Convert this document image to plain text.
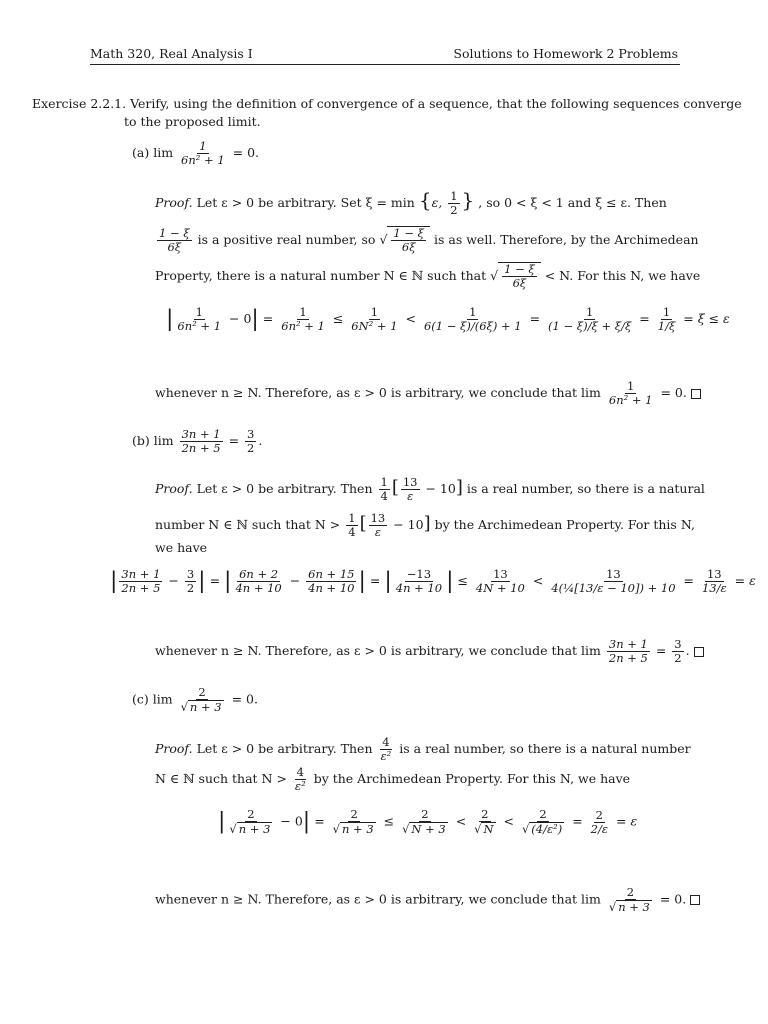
Math 320, Real Analysis I	Solutions to Homework 2 Problems
Exercise 2.2.1. Verify, using the definition of convergence of a sequence, that the following sequences converge
to the proposed limit.
(a) $\lim \frac{1}{\text{6n² + 1}} = 0$.
Proof. Let ε > 0 be arbitrary. Set ξ = min {ε, $\frac{1}{2}$ } , so 0 < ξ < 1 and ξ ≤ ε. Then
$\frac{1 - \xi}{6\xi}$ is a positive real number, so √ $\frac{1 - \xi}{6\xi}$ is as well. Therefore, by the Archimedean
Property, there is a natural number N ∈ ℕ such that √ $\frac{1 - \xi}{6\xi} < N$. For this N, we have
| $\frac{1}{\text{6n² + 1}} - 0| = \frac{1}{\text{6n² + 1}} \le \frac{1}{\text{6N² + 1}} < \frac{1}{6(1 - \xi)/(6\xi) + 1} = \frac{1}{(1 - \xi)/\xi + \xi/\xi} = \frac{1}{1/\xi} = \xi \le \varepsilon$
whenever n ≥ N. Therefore, as ε > 0 is arbitrary, we conclude that $\lim \frac{1}{\text{6n² + 1}} = 0$.
(b) $\lim \frac{3n + 1}{2n + 5} = \frac{3}{2}$ .
Proof. Let ε > 0 be arbitrary. Then $\frac{1}{4}$ [ $\frac{13}{\varepsilon} - 10$] is a real number, so there is a natural
number N ∈ ℕ such that $N > \frac{1}{4}$ [ $\frac{13}{\varepsilon} - 10$] by the Archimedean Property. For this N,
we have
| $\frac{3n + 1}{2n + 5} - \frac{3}{2}$ | = | $\frac{6n + 2}{4n + 10} - \frac{6n + 15}{4n + 10}$ | = | $\frac{-13}{4n + 10}$ | ≤ $\frac{13}{4N + 10} < \frac{13}{\text{4(¼[13/ε − 10]) + 10}} = \frac{13}{13/\varepsilon} = \varepsilon$
whenever n ≥ N. Therefore, as ε > 0 is arbitrary, we conclude that $\lim \frac{3n + 1}{2n + 5} = \frac{3}{2}$ .
(c) $\lim \frac{2}{√ n + 3} = 0$.
Proof. Let ε > 0 be arbitrary. Then $\frac{4}{\text{ε²}}$ is a real number, so there is a natural number
N ∈ ℕ such that $N > \frac{4}{\text{ε²}}$ by the Archimedean Property. For this N, we have
| $\frac{2}{√ n + 3} - 0| = \frac{2}{√ n + 3} \le \frac{2}{√ N + 3} < \frac{2}{√ N} < \frac{2}{\text{√ (4/ε²)}} = \frac{2}{2/\varepsilon} = \varepsilon$
whenever n ≥ N. Therefore, as ε > 0 is arbitrary, we conclude that $\lim \frac{2}{√ n + 3} = 0$.
